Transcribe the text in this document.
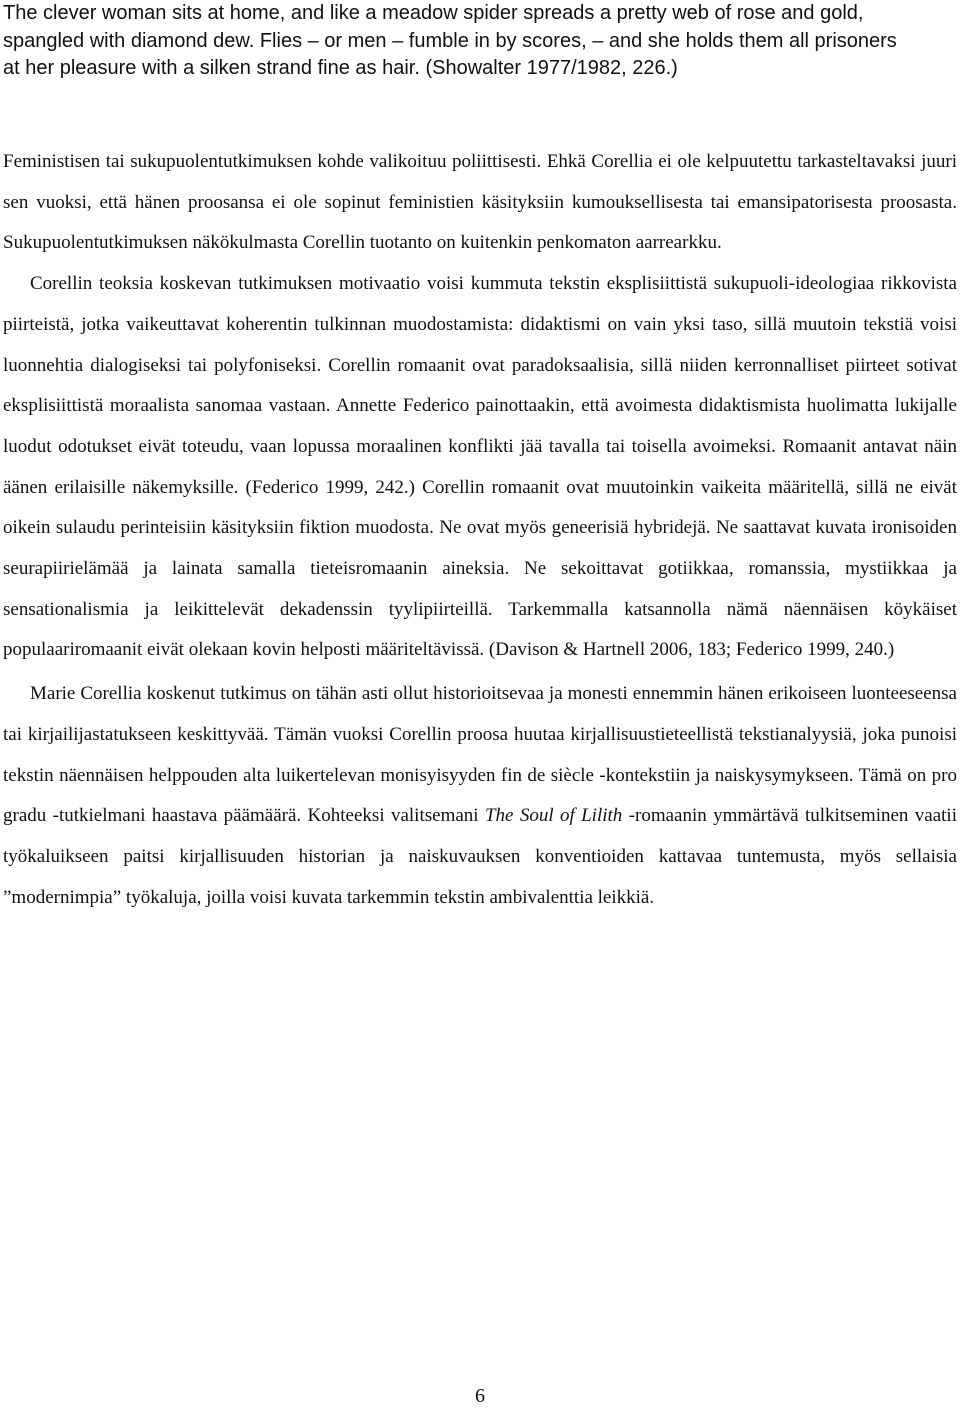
The clever woman sits at home, and like a meadow spider spreads a pretty web of rose and gold, spangled with diamond dew. Flies – or men – fumble in by scores, – and she holds them all prisoners at her pleasure with a silken strand fine as hair. (Showalter 1977/1982, 226.)

Feministisen tai sukupuolentutkimuksen kohde valikoituu poliittisesti. Ehkä Corellia ei ole kelpuutettu tarkasteltavaksi juuri sen vuoksi, että hänen proosansa ei ole sopinut feministien käsityksiin kumouksellisesta tai emansipatorisesta proosasta. Sukupuolentutkimuksen näkökulmasta Corellin tuotanto on kuitenkin penkomaton aarrearkku.

Corellin teoksia koskevan tutkimuksen motivaatio voisi kummuta tekstin eksplisiittistä sukupuoli-ideologiaa rikkovista piirteistä, jotka vaikeuttavat koherentin tulkinnan muodostamista: didaktismi on vain yksi taso, sillä muutoin tekstiä voisi luonnehtia dialogiseksi tai polyfoniseksi. Corellin romaanit ovat paradoksaalisia, sillä niiden kerronnalliset piirteet sotivat eksplisiittistä moraalista sanomaa vastaan. Annette Federico painottaakin, että avoimesta didaktismista huolimatta lukijalle luodut odotukset eivät toteudu, vaan lopussa moraalinen konflikti jää tavalla tai toisella avoimeksi. Romaanit antavat näin äänen erilaisille näkemyksille. (Federico 1999, 242.) Corellin romaanit ovat muutoinkin vaikeita määritellä, sillä ne eivät oikein sulaudu perinteisiin käsityksiin fiktion muodosta. Ne ovat myös geneerisiä hybridejä. Ne saattavat kuvata ironisoiden seurapiirielämää ja lainata samalla tieteisromaanin aineksia. Ne sekoittavat gotiikkaa, romanssia, mystiikkaa ja sensationalismia ja leikittelevät dekadenssin tyylipiirteillä. Tarkemmalla katsannolla nämä näennäisen köykäiset populaariromaanit eivät olekaan kovin helposti määriteltävissä. (Davison & Hartnell 2006, 183; Federico 1999, 240.)

Marie Corellia koskenut tutkimus on tähän asti ollut historioitsevaa ja monesti ennemmin hänen erikoiseen luonteeseensa tai kirjailijastatukseen keskittyvää. Tämän vuoksi Corellin proosa huutaa kirjallisuustieteellistä tekstianalyysiä, joka punoisi tekstin näennäisen helppouden alta luikertelevan monisyisyyden fin de siècle -kontekstiin ja naiskysymykseen. Tämä on pro gradu -tutkielmani haastava päämäärä. Kohteeksi valitsemani The Soul of Lilith -romaanin ymmärtävä tulkitseminen vaatii työkaluikseen paitsi kirjallisuuden historian ja naiskuvauksen konventioiden kattavaa tuntemusta, myös sellaisia ”modernimpia” työkaluja, joilla voisi kuvata tarkemmin tekstin ambivalenttia leikkiä.

6
